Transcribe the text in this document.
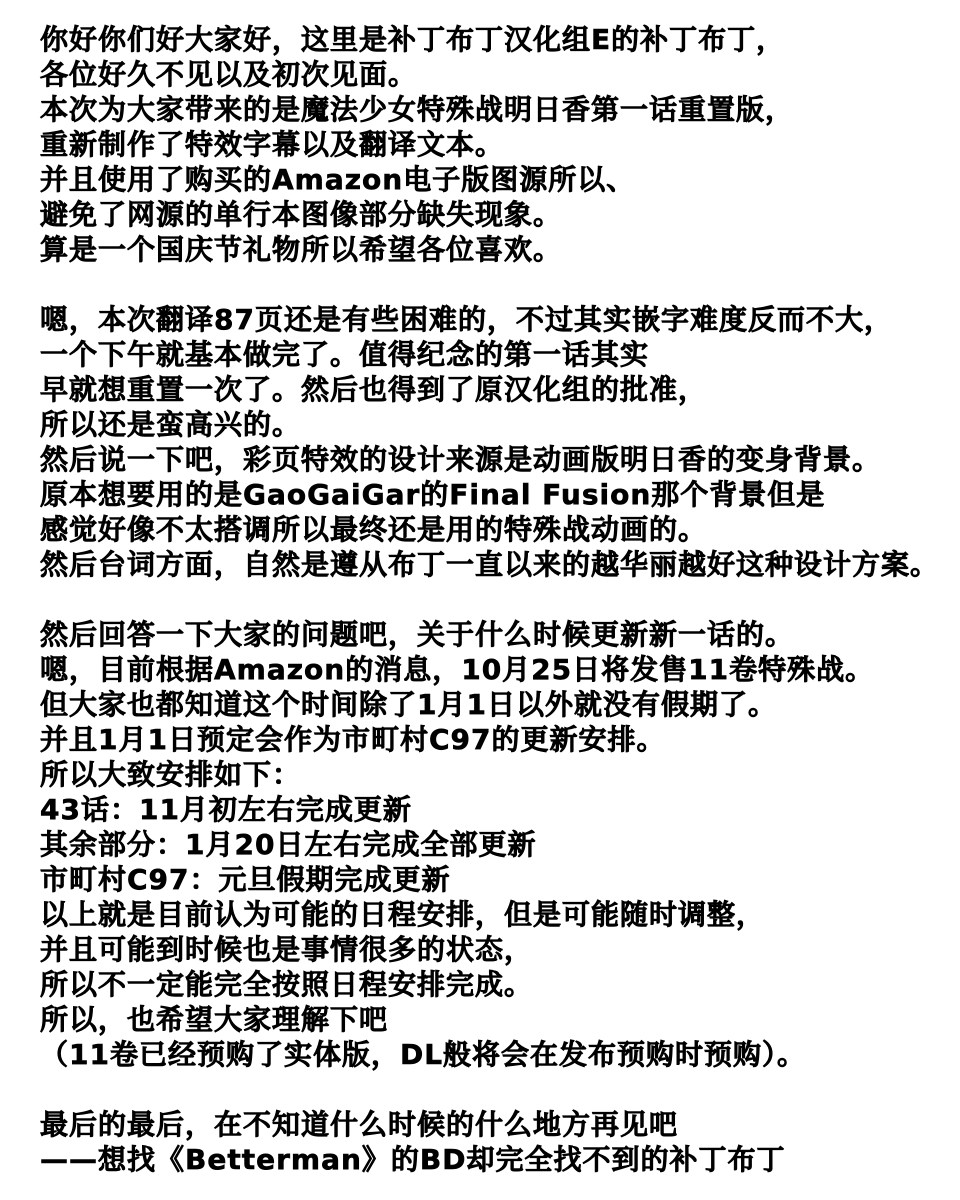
你好你们好大家好，这里是补丁布丁汉化组E的补丁布丁，
各位好久不见以及初次见面。
本次为大家带来的是魔法少女特殊战明日香第一话重置版，
重新制作了特效字幕以及翻译文本。
并且使用了购买的Amazon电子版图源所以、
避免了网源的单行本图像部分缺失现象。
算是一个国庆节礼物所以希望各位喜欢。

嗯，本次翻译87页还是有些困难的，不过其实嵌字难度反而不大，
一个下午就基本做完了。值得纪念的第一话其实
早就想重置一次了。然后也得到了原汉化组的批准，
所以还是蛮高兴的。
然后说一下吧，彩页特效的设计来源是动画版明日香的变身背景。
原本想要用的是GaoGaiGar的Final Fusion那个背景但是
感觉好像不太搭调所以最终还是用的特殊战动画的。
然后台词方面，自然是遵从布丁一直以来的越华丽越好这种设计方案。

然后回答一下大家的问题吧，关于什么时候更新新一话的。
嗯，目前根据Amazon的消息，10月25日将发售11卷特殊战。
但大家也都知道这个时间除了1月1日以外就没有假期了。
并且1月1日预定会作为市町村C97的更新安排。
所以大致安排如下：
43话：11月初左右完成更新
其余部分：1月20日左右完成全部更新
市町村C97：元旦假期完成更新
以上就是目前认为可能的日程安排，但是可能随时调整，
并且可能到时候也是事情很多的状态，
所以不一定能完全按照日程安排完成。
所以，也希望大家理解下吧
（11卷已经预购了实体版，DL般将会在发布预购时预购）。

最后的最后，在不知道什么时候的什么地方再见吧
——想找《Betterman》的BD却完全找不到的补丁布丁
